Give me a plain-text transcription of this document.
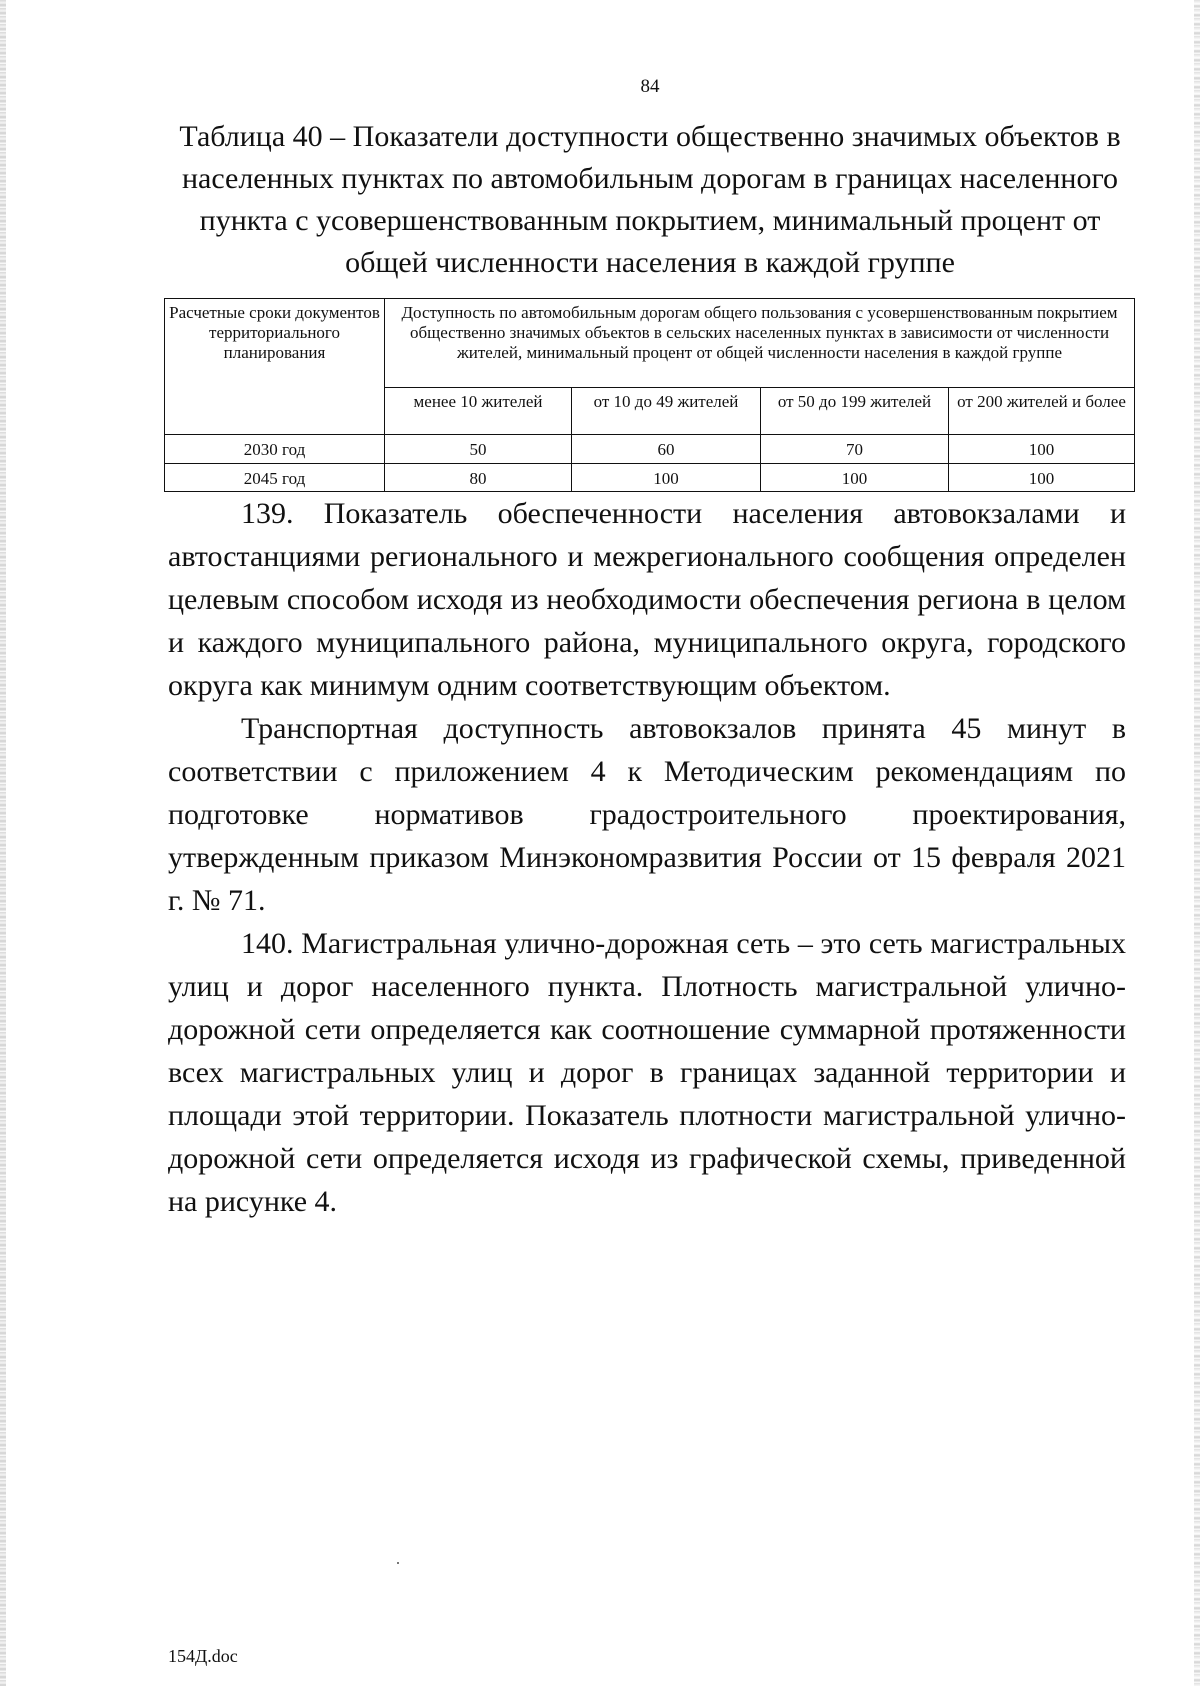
84
Таблица 40 – Показатели доступности общественно значимых объектов в населенных пунктах по автомобильным дорогам в границах населенного пункта с усовершенствованным покрытием, минимальный процент от общей численности населения в каждой группе
Расчетные сроки документов территориального планирования	Доступность по автомобильным дорогам общего пользования с усовершенствованным покрытием общественно значимых объектов в сельских населенных пунктах в зависимости от численности жителей, минимальный процент от общей численности населения в каждой группе			
	менее 10 жителей	от 10 до 49 жителей	от 50 до 199 жителей	от 200 жителей и более
2030 год	50	60	70	100
2045 год	80	100	100	100

139. Показатель обеспеченности населения автовокзалами и автостанциями регионального и межрегионального сообщения определен целевым способом исходя из необходимости обеспечения региона в целом и каждого муниципального района, муниципального округа, городского округа как минимум одним соответствующим объектом.

Транспортная доступность автовокзалов принята 45 минут в соответствии с приложением 4 к Методическим рекомендациям по подготовке нормативов градостроительного проектирования, утвержденным приказом Минэкономразвития России от 15 февраля 2021 г. № 71.

140. Магистральная улично-дорожная сеть – это сеть магистральных улиц и дорог населенного пункта. Плотность магистральной улично-дорожной сети определяется как соотношение суммарной протяженности всех магистральных улиц и дорог в границах заданной территории и площади этой территории. Показатель плотности магистральной улично-дорожной сети определяется исходя из графической схемы, приведенной на рисунке 4.

154Д.doc
